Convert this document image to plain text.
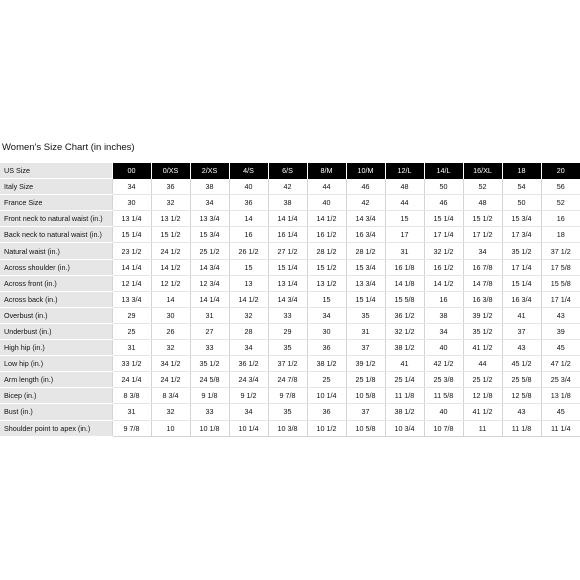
Women's Size Chart (in inches)
US Size	00	0/XS	2/XS	4/S	6/S	8/M	10/M	12/L	14/L	16/XL	18	20
Italy Size	34	36	38	40	42	44	46	48	50	52	54	56
France Size	30	32	34	36	38	40	42	44	46	48	50	52
Front neck to natural waist (in.)	13 1/4	13 1/2	13 3/4	14	14 1/4	14 1/2	14 3/4	15	15 1/4	15 1/2	15 3/4	16
Back neck to natural waist (in.)	15 1/4	15 1/2	15 3/4	16	16 1/4	16 1/2	16 3/4	17	17 1/4	17 1/2	17 3/4	18
Natural waist (in.)	23 1/2	24 1/2	25 1/2	26 1/2	27 1/2	28 1/2	28 1/2	31	32 1/2	34	35 1/2	37 1/2
Across shoulder (in.)	14 1/4	14 1/2	14 3/4	15	15 1/4	15 1/2	15 3/4	16 1/8	16 1/2	16 7/8	17 1/4	17 5/8
Across front (in.)	12 1/4	12 1/2	12 3/4	13	13 1/4	13 1/2	13 3/4	14 1/8	14 1/2	14 7/8	15 1/4	15 5/8
Across back (in.)	13 3/4	14	14 1/4	14 1/2	14 3/4	15	15 1/4	15 5/8	16	16 3/8	16 3/4	17 1/4
Overbust (in.)	29	30	31	32	33	34	35	36 1/2	38	39 1/2	41	43
Underbust (in.)	25	26	27	28	29	30	31	32 1/2	34	35 1/2	37	39
High hip (in.)	31	32	33	34	35	36	37	38 1/2	40	41 1/2	43	45
Low hip (in.)	33 1/2	34 1/2	35 1/2	36 1/2	37 1/2	38 1/2	39 1/2	41	42 1/2	44	45 1/2	47 1/2
Arm length (in.)	24 1/4	24 1/2	24 5/8	24 3/4	24 7/8	25	25 1/8	25 1/4	25 3/8	25 1/2	25 5/8	25 3/4
Bicep (in.)	8 3/8	8 3/4	9 1/8	9 1/2	9 7/8	10 1/4	10 5/8	11 1/8	11 5/8	12 1/8	12 5/8	13 1/8
Bust (in.)	31	32	33	34	35	36	37	38 1/2	40	41 1/2	43	45
Shoulder point to apex (in.)	9 7/8	10	10 1/8	10 1/4	10 3/8	10 1/2	10 5/8	10 3/4	10 7/8	11	11 1/8	11 1/4
